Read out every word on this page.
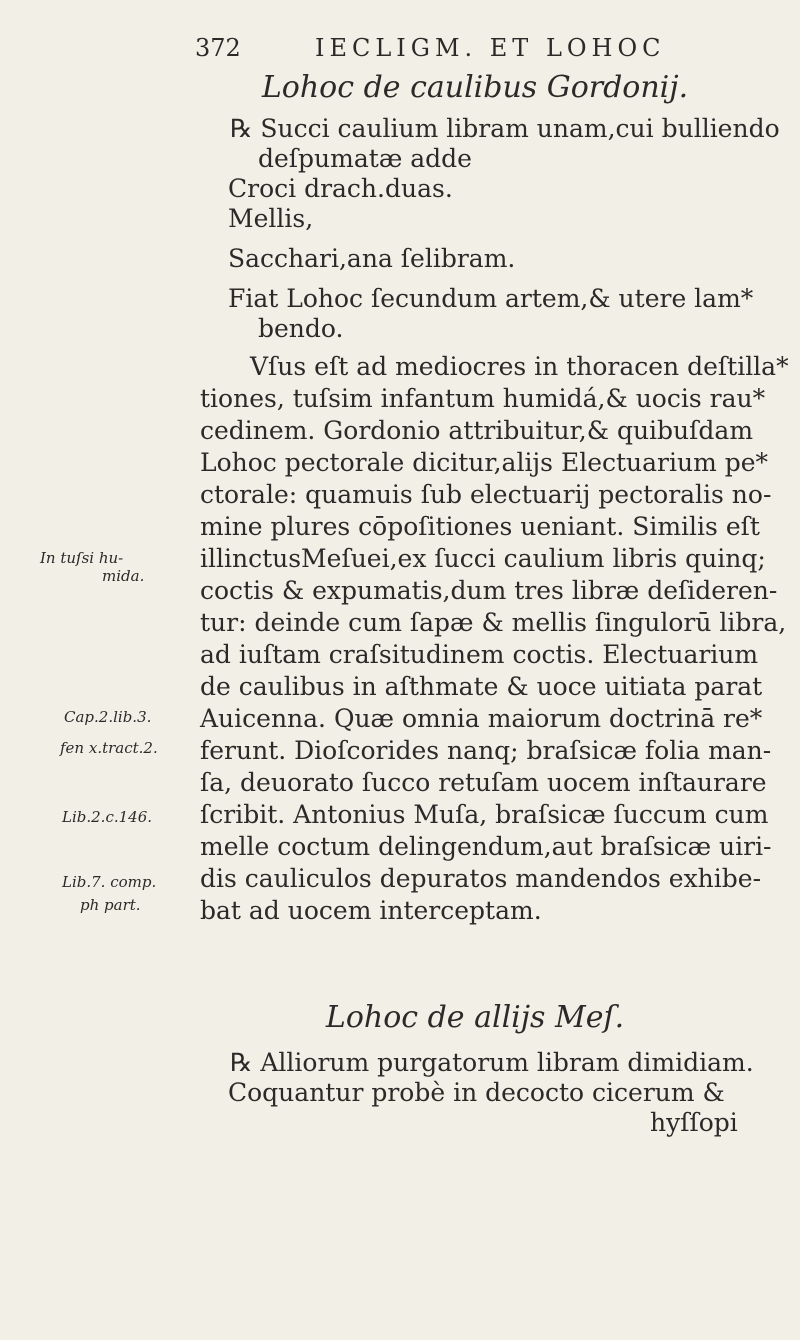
372	IECLIGM. ET LOHOC
Lohoc de caulibus Gordonij.
℞ Succi caulium libram unam,cui bulliendo
deſpumatæ adde
Croci drach.duas.
Mellis,
Sacchari,ana ſelibram.
Fiat Lohoc ſecundum artem,& utere lam*
bendo.
Vſus eſt ad mediocres in thoracen deſtilla*
tiones, tuſsim infantum humidá,& uocis rau*
cedinem. Gordonio attribuitur,& quibuſdam
Lohoc pectorale dicitur,alijs Electuarium pe*
ctorale: quamuis ſub electuarij pectoralis no-
mine plures cōpoſitiones ueniant. Similis eſt
illinctusMeſuei,ex ſucci caulium libris quinq;
coctis & expumatis,dum tres libræ deſideren-
tur: deinde cum ſapæ & mellis ſingulorū libra,
ad iuſtam craſsitudinem coctis. Electuarium
de caulibus in aſthmate & uoce uitiata parat
Auicenna. Quæ omnia maiorum doctrinā re*
ferunt. Dioſcorides nanq; braſsicæ folia man-
ſa, deuorato ſucco retuſam uocem inſtaurare
ſcribit. Antonius Muſa, braſsicæ ſuccum cum
melle coctum delingendum,aut braſsicæ uiri-
dis cauliculos depuratos mandendos exhibe-
bat ad uocem interceptam.
In tuſsi hu-
mida.
Cap.2.lib.3.
fen x.tract.2.
Lib.2.c.146.
Lib.7. comp.
ph part.
Lohoc de allijs Meſ.
℞ Alliorum purgatorum libram dimidiam.
Coquantur probè in decocto cicerum &
hyſſopi
